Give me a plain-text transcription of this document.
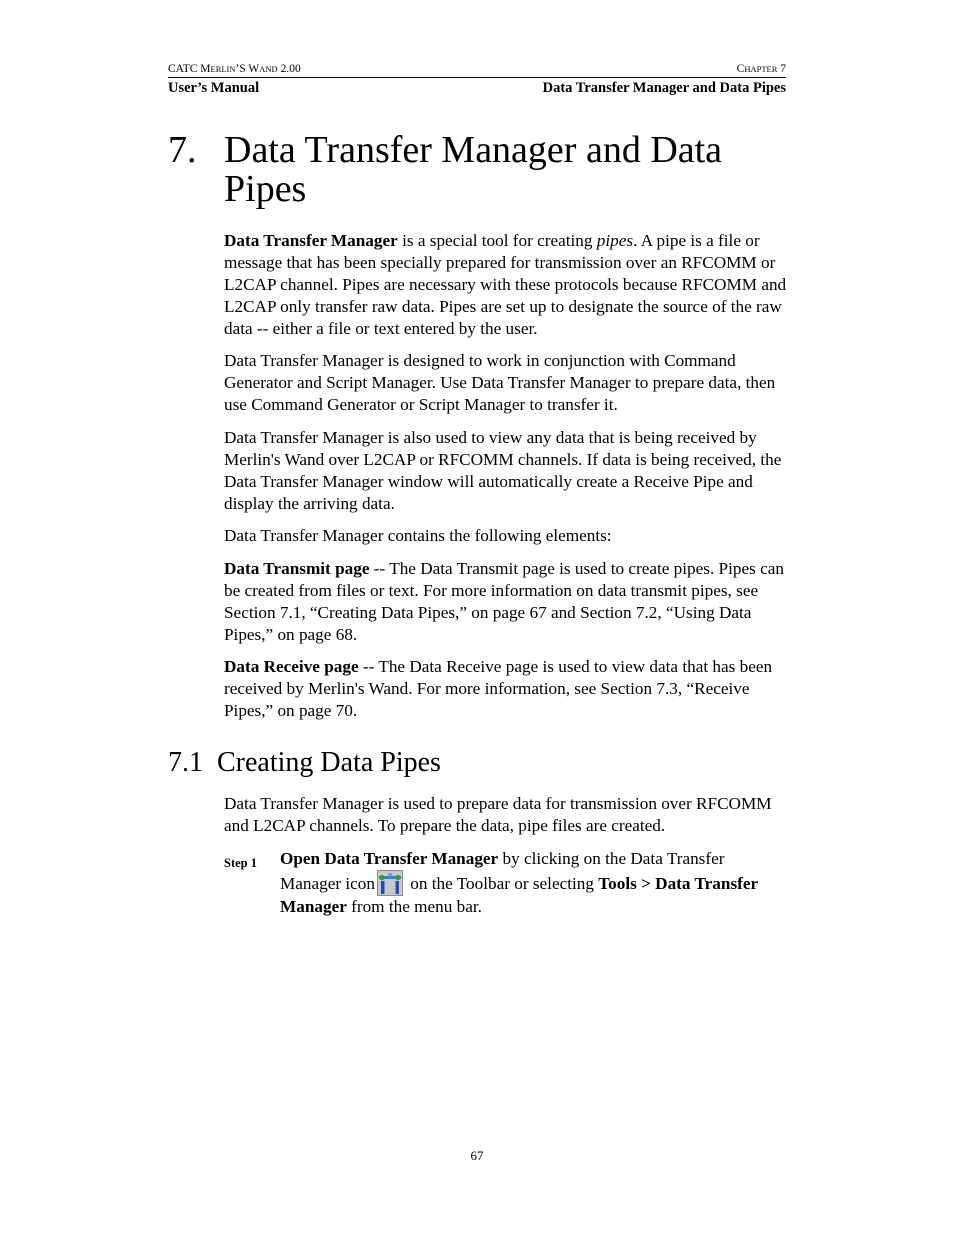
CATC MERLIN’S WAND 2.00	CHAPTER 7
User’s Manual	Data Transfer Manager and Data Pipes
7. Data Transfer Manager and Data Pipes

Data Transfer Manager is a special tool for creating pipes. A pipe is a file or message that has been specially prepared for transmission over an RFCOMM or L2CAP channel. Pipes are necessary with these protocols because RFCOMM and L2CAP only transfer raw data. Pipes are set up to designate the source of the raw data -- either a file or text entered by the user.

Data Transfer Manager is designed to work in conjunction with Command Generator and Script Manager. Use Data Transfer Manager to prepare data, then use Command Generator or Script Manager to transfer it.

Data Transfer Manager is also used to view any data that is being received by Merlin's Wand over L2CAP or RFCOMM channels. If data is being received, the Data Transfer Manager window will automatically create a Receive Pipe and display the arriving data.

Data Transfer Manager contains the following elements:

Data Transmit page -- The Data Transmit page is used to create pipes. Pipes can be created from files or text. For more information on data transmit pipes, see Section 7.1, “Creating Data Pipes,” on page 67 and Section 7.2, “Using Data Pipes,” on page 68.

Data Receive page -- The Data Receive page is used to view data that has been received by Merlin's Wand. For more information, see Section 7.3, “Receive Pipes,” on page 70.

7.1 Creating Data Pipes

Data Transfer Manager is used to prepare data for transmission over RFCOMM and L2CAP channels. To prepare the data, pipe files are created.

Step 1 Open Data Transfer Manager by clicking on the Data Transfer Manager icon on the Toolbar or selecting Tools > Data Transfer Manager from the menu bar.
67
